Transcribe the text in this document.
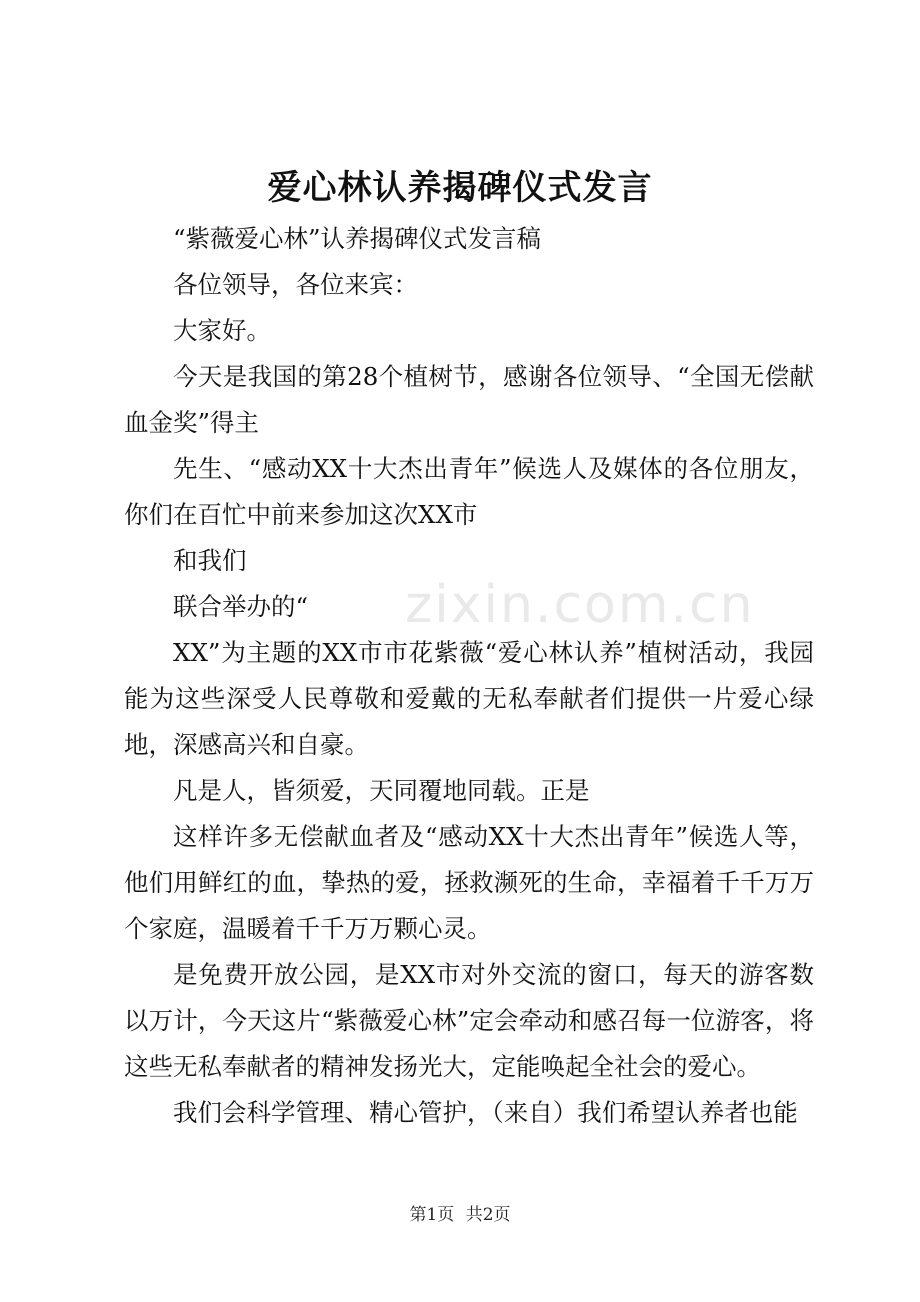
爱心林认养揭碑仪式发言

“紫薇爱心林”认养揭碑仪式发言稿

各位领导，各位来宾：

大家好。

今天是我国的第28个植树节，感谢各位领导、“全国无偿献血金奖”得主

先生、“感动XX十大杰出青年”候选人及媒体的各位朋友，你们在百忙中前来参加这次XX市

和我们

联合举办的“

XX”为主题的XX市市花紫薇“爱心林认养”植树活动，我园能为这些深受人民尊敬和爱戴的无私奉献者们提供一片爱心绿地，深感高兴和自豪。

凡是人，皆须爱，天同覆地同载。正是

这样许多无偿献血者及“感动XX十大杰出青年”候选人等，他们用鲜红的血，挚热的爱，拯救濒死的生命，幸福着千千万万个家庭，温暖着千千万万颗心灵。

是免费开放公园，是XX市对外交流的窗口，每天的游客数以万计，今天这片“紫薇爱心林”定会牵动和感召每一位游客，将这些无私奉献者的精神发扬光大，定能唤起全社会的爱心。

我们会科学管理、精心管护，（来自）我们希望认养者也能

zixin.com.cn
第1页 共2页
